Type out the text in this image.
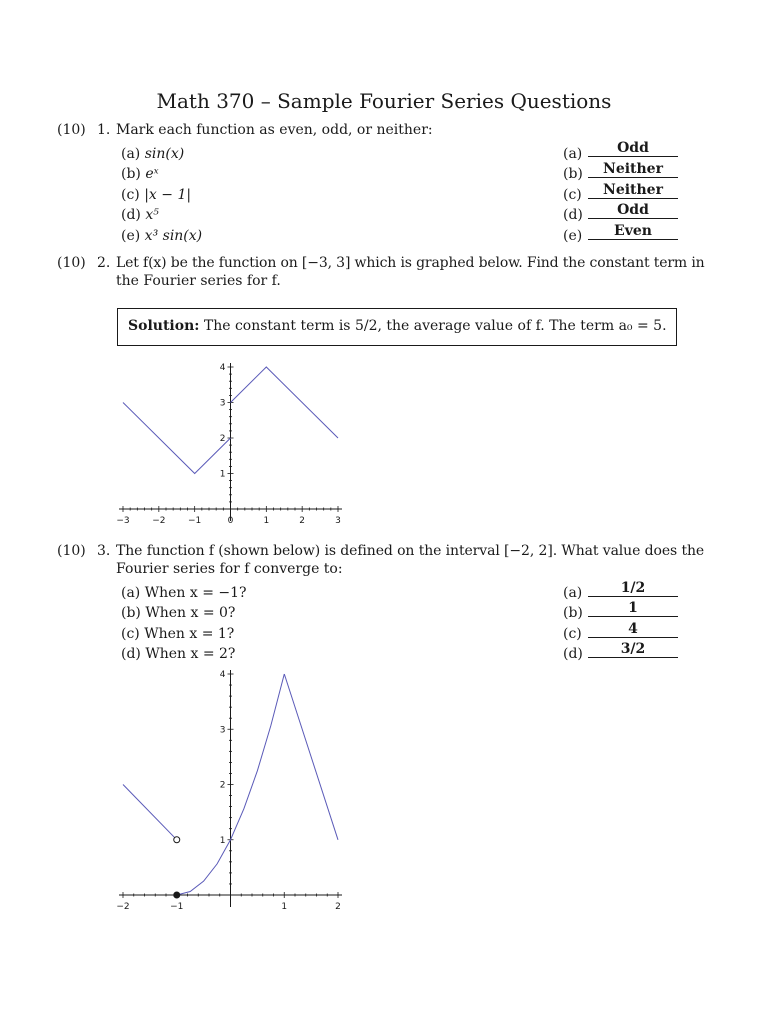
Math 370 – Sample Fourier Series Questions
(10) 1. Mark each function as even, odd, or neither:
(a) sin(x)
(b) eˣ
(c) |x − 1|
(d) x⁵
(e) x³ sin(x)
(a)	Odd
(b)	Neither
(c)	Neither
(d)	Odd
(e)	Even
(10) 2. Let f(x) be the function on [−3, 3] which is graphed below. Find the constant term in
the Fourier series for f.
Solution: The constant term is 5/2, the average value of f. The term a₀ = 5.
(10) 3. The function f (shown below) is defined on the interval [−2, 2]. What value does the
Fourier series for f converge to:
(a) When x = −1?
(b) When x = 0?
(c) When x = 1?
(d) When x = 2?
(a)	1/2
(b)	1
(c)	4
(d)	3/2
−3	−2	−1	0	1	2	3
1
2
3
4
−2	−1	1	2
1
2
3
4
